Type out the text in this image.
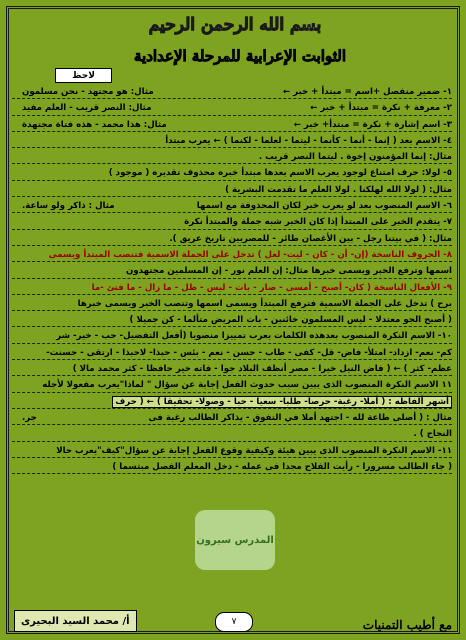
بسم الله الرحمن الرحيم
الثوابت الإعرابية للمرحلة الإعدادية
لاحظ
١- ضمير منفصل +اسم = مبتدأ + خبر ←
مثال: هو مجتهد - نحن مسلمون
٢- معرفة + نكرة = مبتدأ + خبر ←
مثال: النصر قريب - العلم مفيد
٣- اسم إشارة + نكرة = مبتدأ+ خبر ←
مثال: هذا محمد - هذه فتاة مجتهدة
٤- الاسم بعد ( إنما - أنما - كأنما - ليتما - لعلما - لكنما ) ← يعرب مبتدأ
مثال: إنما المؤمنون إخوة . ليتما النصر قريب .
٥- لولا: حرف امتناع لوجود يعرب الاسم بعدها مبتدأ خبره محذوف تقديره ( موجود )
مثال: ( لولا الله لهلكنا . لولا العلم ما تقدمت البشرية )
٦- الاسم المنصوب بعد لو يعرب خبر لكان المحذوفة مع اسمها
مثال : ذاكر ولو ساعة.
٧- يتقدم الخبر على المبتدأ إذا كان الخبر شبه جملة والمبتدأ نكرة
مثال: ( في بيتنا رجل - بين الأغصان طائر - للمصريين تاريخ عريق ).
٨- الحروف الناسخة (إن- أن - كان - ليت- لعل ) تدخل على الجملة الاسمية فتنصب المبتدأ ويسمى
اسمها وترفع الخبر ويسمى خبرها مثال: إن العلم نور - إن المسلمين مجتهدون
٩- الأفعال الناسخة ( كان- أصبح - أمسى - صار - بات - ليس - ظل - ما زال - ما فتئ -ما
برح ) تدخل على الجملة الاسمية فترفع المبتدأ ويسمى اسمها وتنصب الخبر ويسمى خبرها
( أصبح الجو معتدلا - ليس المسلمون خائنين - بات المريض متألما - كن جميلا )
١٠- الاسم النكرة المنصوب بعدهذه الكلمات يعرب تمييزا منصوبا (أفعل التفضيل- حب - خير- شر
كم- نعم- ازداد- امتلأ- فاض- قل- كفى - طاب - حسن - نعم - بئس - حبذا- لاحبذا - ارتقى - حسنت-
عظم- كثر ) ← ( فاض النيل خيرا - مصر أنظف البلاد جوا - فاته خير حافظا - كثر محمد مالا )
١١ الاسم النكرة المنصوب الذى يبين سبب حدوث الفعل إجابة عن سؤال " لماذا"يعرب مفعولا لأجله
أشهر ألفاظه : ( أملا- رغبة- حرصا- طلبا- سعيا - حبا - وصولا- تحقيقا ) ← ( حرف
مثال : ( أصلى طاعة لله - اجتهد أملا في التفوق - يذاكر الطالب رغبة فى
جر.
النجاح ) .
١١- الاسم النكرة المنصوب الذى يبين هيئة وكيفية وقوع الفعل إجابة عن سؤال"كيف"يعرب حالا
( جاء الطالب مسرورا - رأيت الفلاح مجدا فى عمله - دخل المعلم الفصل مبتسما )
المدرس سيرون
أ/ محمد السيد البحيرى	٧	مع أطيب التمنيات
